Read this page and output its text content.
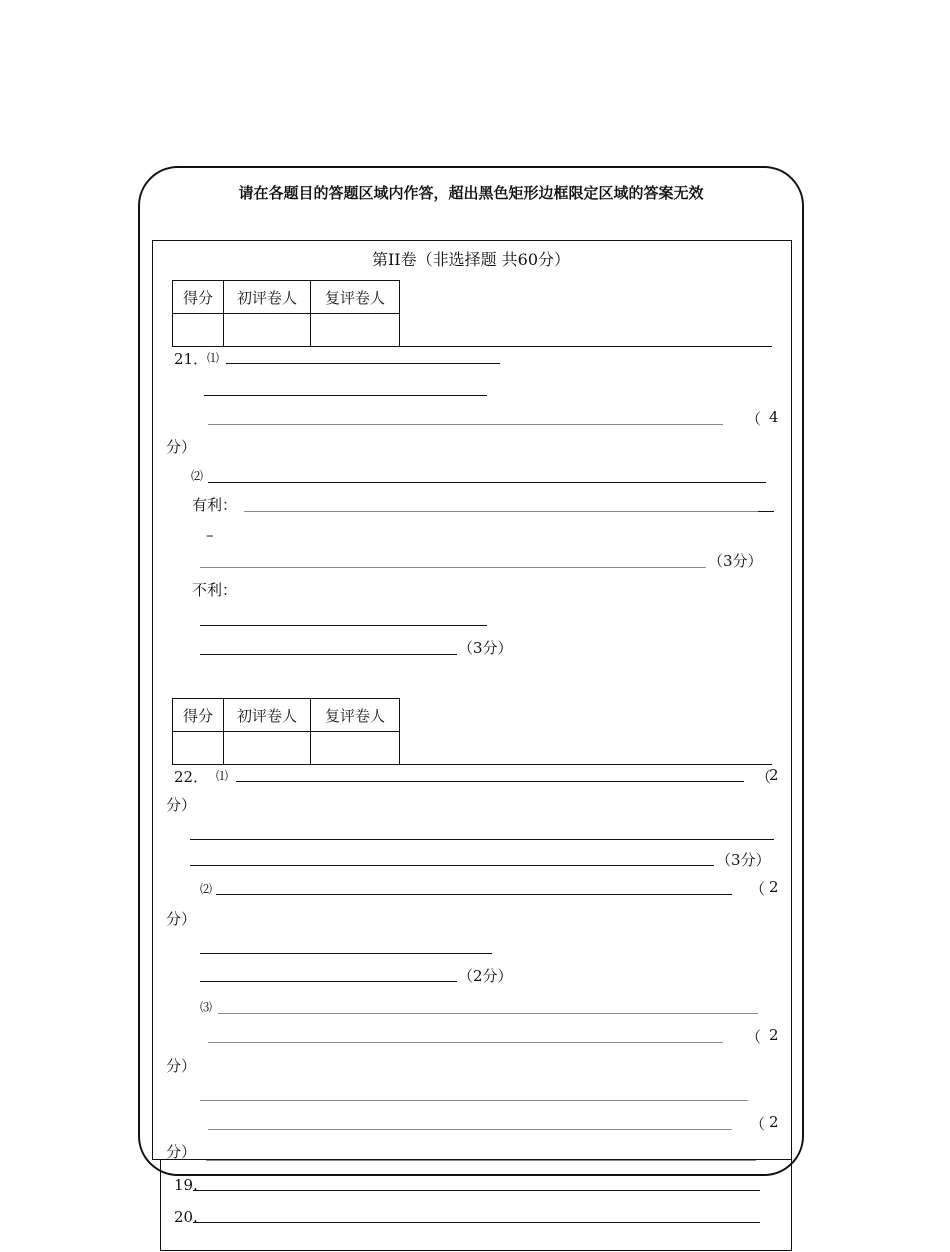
请在各题目的答题区域内作答，超出黑色矩形边框限定区域的答案无效
第II卷（非选择题 共60分）
得分	初评卷人	复评卷人

21．
⑴
（ 4
分）
⑵
有利：
–
（3分）
不利：
（3分）
得分	初评卷人	复评卷人

22． ⑴	（
2
分）
（3分）
⑵	（ 2
分）
（2分）
⑶
（ 2
分）
（ 2
分）
19.
20.
